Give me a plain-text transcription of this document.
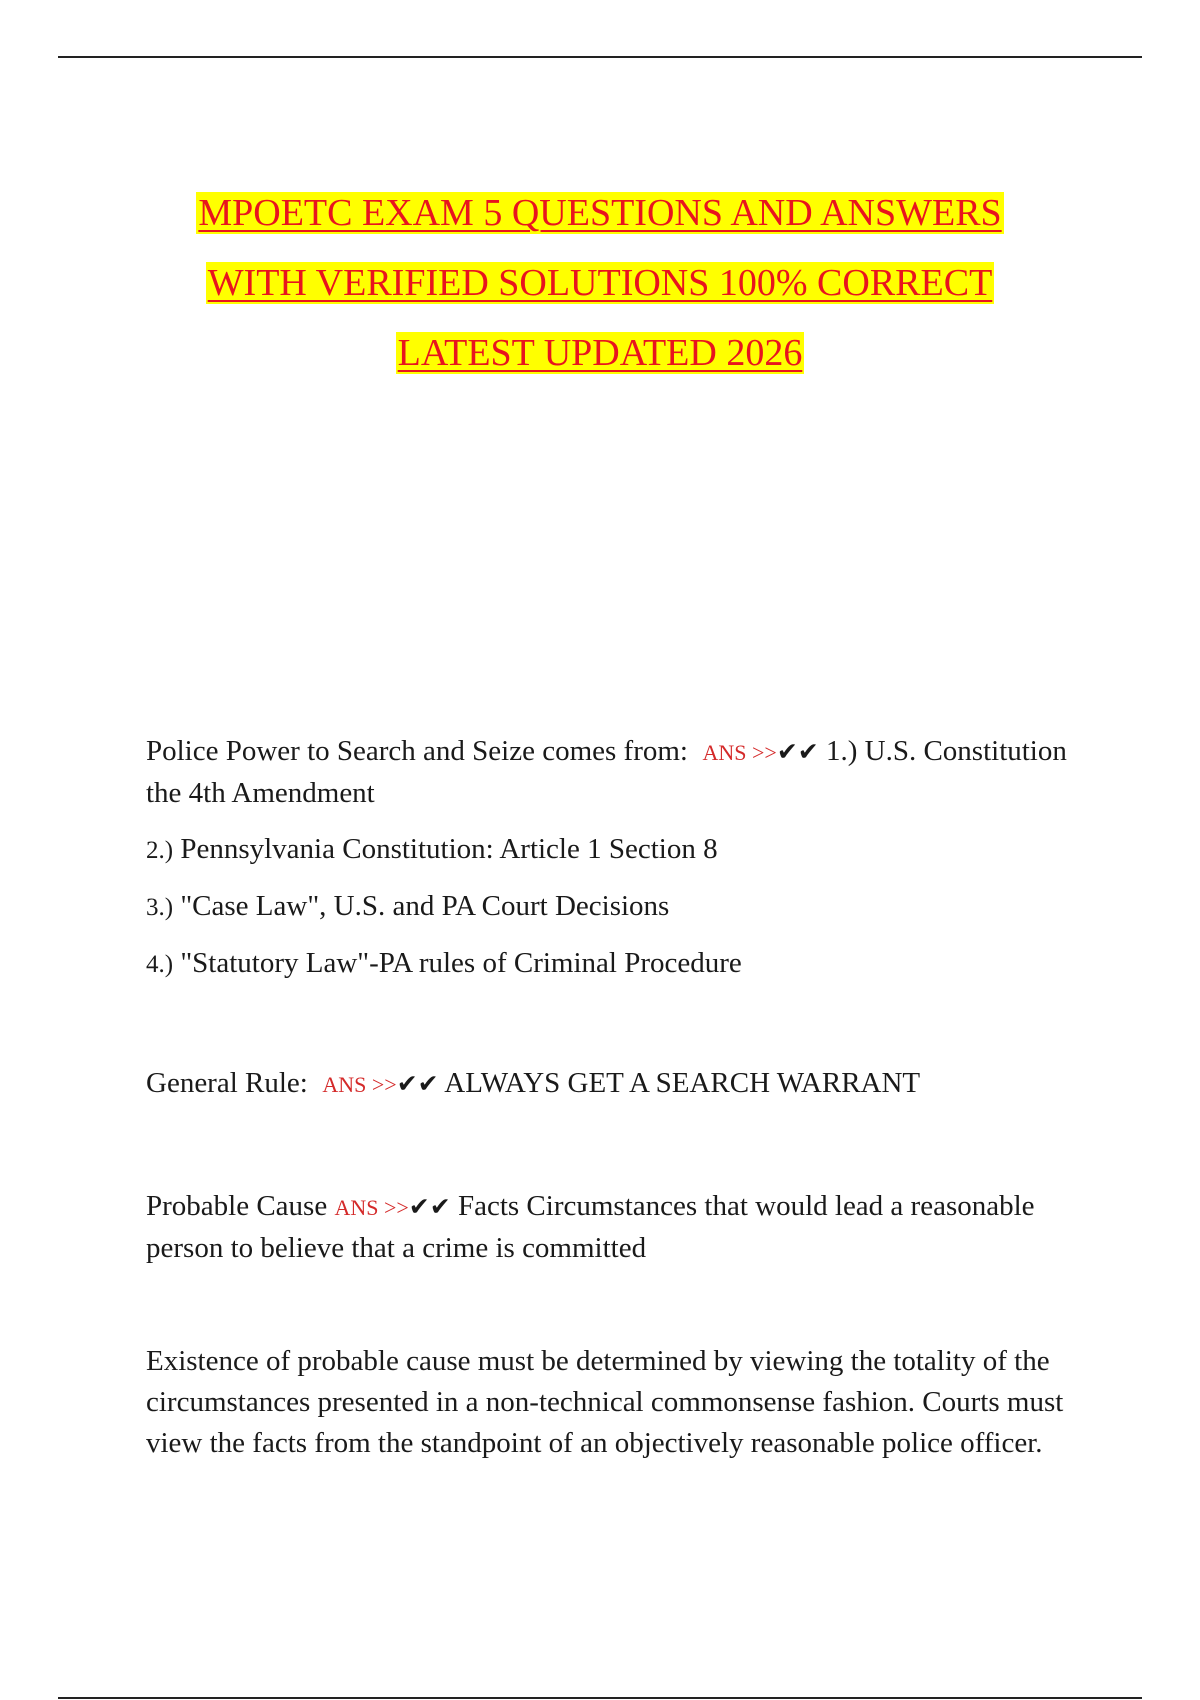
MPOETC EXAM 5 QUESTIONS AND ANSWERS
WITH VERIFIED SOLUTIONS 100% CORRECT
LATEST UPDATED 2026
Police Power to Search and Seize comes from: ANS >>✔✔ 1.) U.S. Constitution the 4th Amendment
2.) Pennsylvania Constitution: Article 1 Section 8
3.) "Case Law", U.S. and PA Court Decisions
4.) "Statutory Law"-PA rules of Criminal Procedure
General Rule: ANS >>✔✔ ALWAYS GET A SEARCH WARRANT
Probable Cause ANS >>✔✔ Facts Circumstances that would lead a reasonable person to believe that a crime is committed
Existence of probable cause must be determined by viewing the totality of the circumstances presented in a non-technical commonsense fashion. Courts must view the facts from the standpoint of an objectively reasonable police officer.
